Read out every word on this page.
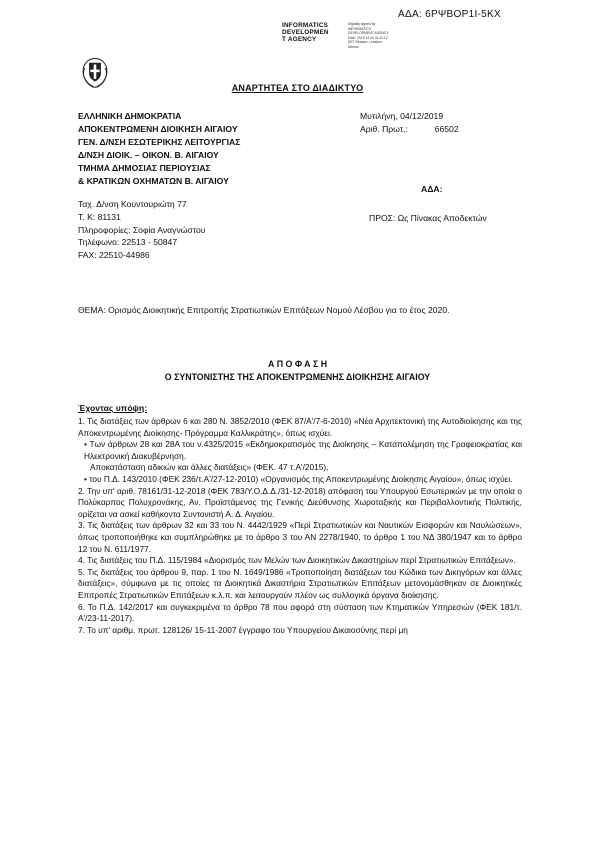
ΑΔΑ: 6ΡΨΒΟΡ1Ι-5ΚΧ
INFORMATICS
DEVELOPMEN
T AGENCY
Digitally signed by INFORMATICS DEVELOPMENT AGENCY Date: 2019.12.04 11:11:12 EET Reason: Location: Athens
ΑΝΑΡΤΗΤΕΑ ΣΤΟ ΔΙΑΔΙΚΤΥΟ
ΕΛΛΗΝΙΚΗ ΔΗΜΟΚΡΑΤΙΑ
ΑΠΟΚΕΝΤΡΩΜΕΝΗ ΔΙΟΙΚΗΣΗ ΑΙΓΑΙΟΥ
ΓΕΝ. Δ/ΝΣΗ ΕΣΩΤΕΡΙΚΗΣ ΛΕΙΤΟΥΡΓΙΑΣ
Δ/ΝΣΗ ΔΙΟΙΚ. – ΟΙΚΟΝ. Β. ΑΙΓΑΙΟΥ
ΤΜΗΜΑ ΔΗΜΟΣΙΑΣ ΠΕΡΙΟΥΣΙΑΣ
& ΚΡΑΤΙΚΩΝ ΟΧΗΜΑΤΩΝ Β. ΑΙΓΑΙΟΥ
Μυτιλήνη, 04/12/2019
Αριθ. Πρωτ.:	66502
ΑΔΑ:
ΠΡΟΣ: Ως Πίνακας Αποδεκτών
Ταχ. Δ/νση Κουντουριώτη 77
Τ. Κ: 81131
Πληροφορίες: Σοφία Αναγνώστου
Τηλέφωνο: 22513 - 50847
FAX: 22510-44986
ΘΕΜΑ: Ορισμός Διοικητικής Επιτροπής Στρατιωτικών Επιτάξεων Νομού Λέσβου για το έτος 2020.
Α Π Ο Φ Α Σ Η
Ο ΣΥΝΤΟΝΙΣΤΗΣ ΤΗΣ ΑΠΟΚΕΝΤΡΩΜΕΝΗΣ ΔΙΟΙΚΗΣΗΣ ΑΙΓΑΙΟΥ
Έχοντας υπόψη:

1. Τις διατάξεις των άρθρων 6 και 280 Ν. 3852/2010 (ΦΕΚ 87/Α'/7-6-2010) «Νέα Αρχιτεκτονική της Αυτοδιοίκησης και της Αποκεντρωμένης Διοίκησης- Πρόγραμμα Καλλικράτης», όπως ισχύει.

• Των άρθρων 28 και 28Α του ν.4325/2015 «Εκδημοκρατισμός της Διοίκησης – Καταπολέμηση της Γραφειοκρατίας και Ηλεκτρονική Διακυβέρνηση.

Αποκατάσταση αδικιών και άλλες διατάξεις» (ΦΕΚ. 47 τ.Α'/2015),

• του Π.Δ. 143/2010 (ΦΕΚ 236/τ.Α'/27-12-2010) «Οργανισμός της Αποκεντρωμένης Διοίκησης Αιγαίου», όπως ισχύει.

2. Την υπ' αριθ. 78161/31-12-2018 (ΦΕΚ 783/Υ.Ο.Δ.Δ./31-12-2018) απόφαση του Υπουργού Εσωτερικών με την οποία ο Πολύκαρπος Πολυχρονάκης, Αν. Προϊστάμενος της Γενικής Διεύθυνσης Χωροταξικής και Περιβαλλοντικής Πολιτικής, ορίζεται να ασκεί καθήκοντα Συντονιστή Α. Δ. Αιγαίου.

3. Τις διατάξεις των άρθρων 32 και 33 του Ν. 4442/1929 «Περί Στρατιωτικών και Ναυτικών Εισφορών και Ναυλώσεων», όπως τροποποιήθηκε και συμπληρώθηκε με το άρθρο 3 του ΑΝ 2278/1940, το άρθρο 1 του ΝΔ 380/1947 και το άρθρο 12 του Ν. 611/1977.

4. Τις διατάξεις του Π.Δ. 115/1984 «Διορισμός των Μελών των Διοικητικών Δικαστηρίων περί Στρατιωτικών Επιτάξεων».

5. Τις διατάξεις του άρθρου 9, παρ. 1 του Ν. 1649/1986 «Τροποποίηση διατάξεων του Κώδικα των Δικηγόρων και άλλες διατάξεις», σύμφωνα με τις οποίες τα Διοικητικά Δικαστήρια Στρατιωτικών Επιτάξεων μετονομάσθηκαν σε Διοικητικές Επιτροπές Στρατιωτικών Επιτάξεων κ.λ.π. και λειτουργούν πλέον ως συλλογικά όργανα διοίκησης.

6. Το Π.Δ. 142/2017 και συγκεκριμένα το άρθρο 78 που αφορά στη σύσταση των Κτηματικών Υπηρεσιών (ΦΕΚ 181/τ. Α'/23-11-2017).

7. Το υπ' αριθμ. πρωτ. 128126/ 15-11-2007 έγγραφο του Υπουργείου Δικαιοσύνης περί μη
